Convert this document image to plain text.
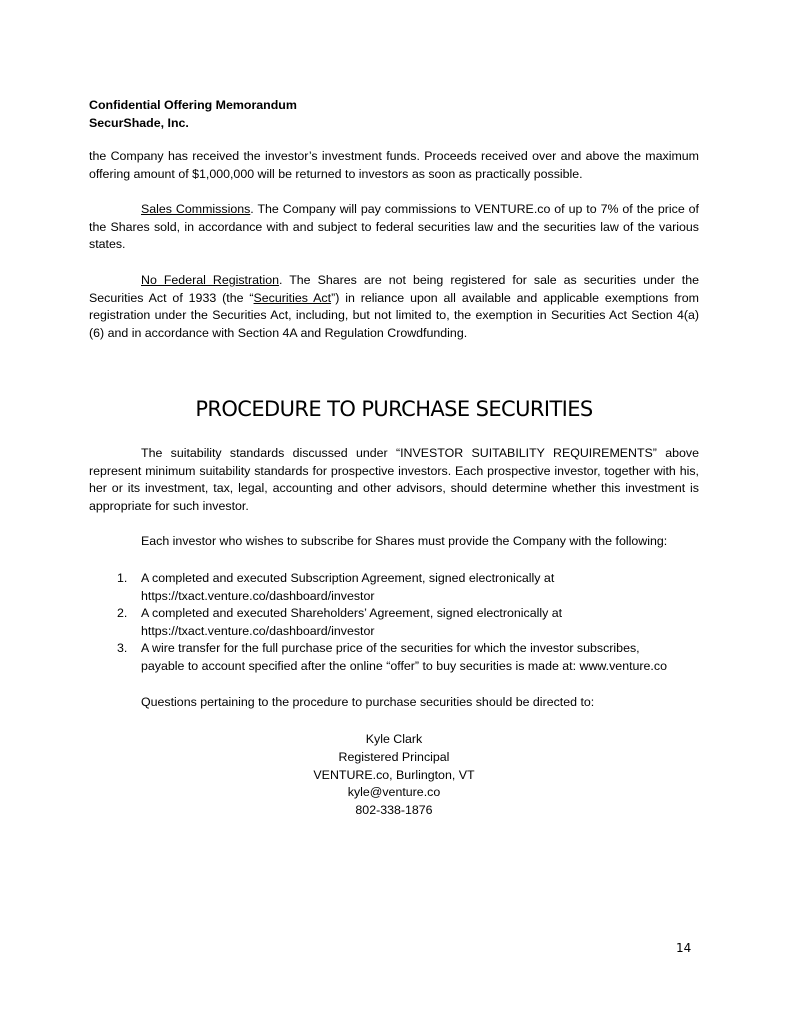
Confidential Offering Memorandum
SecurShade, Inc.

the Company has received the investor’s investment funds. Proceeds received over and above the maximum offering amount of $1,000,000 will be returned to investors as soon as practically possible.

Sales Commissions. The Company will pay commissions to VENTURE.co of up to 7% of the price of the Shares sold, in accordance with and subject to federal securities law and the securities law of the various states.

No Federal Registration. The Shares are not being registered for sale as securities under the Securities Act of 1933 (the “Securities Act”) in reliance upon all available and applicable exemptions from registration under the Securities Act, including, but not limited to, the exemption in Securities Act Section 4(a)(6) and in accordance with Section 4A and Regulation Crowdfunding.

PROCEDURE TO PURCHASE SECURITIES

The suitability standards discussed under “INVESTOR SUITABILITY REQUIREMENTS” above represent minimum suitability standards for prospective investors. Each prospective investor, together with his, her or its investment, tax, legal, accounting and other advisors, should determine whether this investment is appropriate for such investor.

Each investor who wishes to subscribe for Shares must provide the Company with the following:

1. A completed and executed Subscription Agreement, signed electronically at
https://txact.venture.co/dashboard/investor
2. A completed and executed Shareholders’ Agreement, signed electronically at
https://txact.venture.co/dashboard/investor
3. A wire transfer for the full purchase price of the securities for which the investor subscribes,
payable to account specified after the online “offer” to buy securities is made at: www.venture.co

Questions pertaining to the procedure to purchase securities should be directed to:

Kyle Clark
Registered Principal
VENTURE.co, Burlington, VT
kyle@venture.co
802-338-1876
14
